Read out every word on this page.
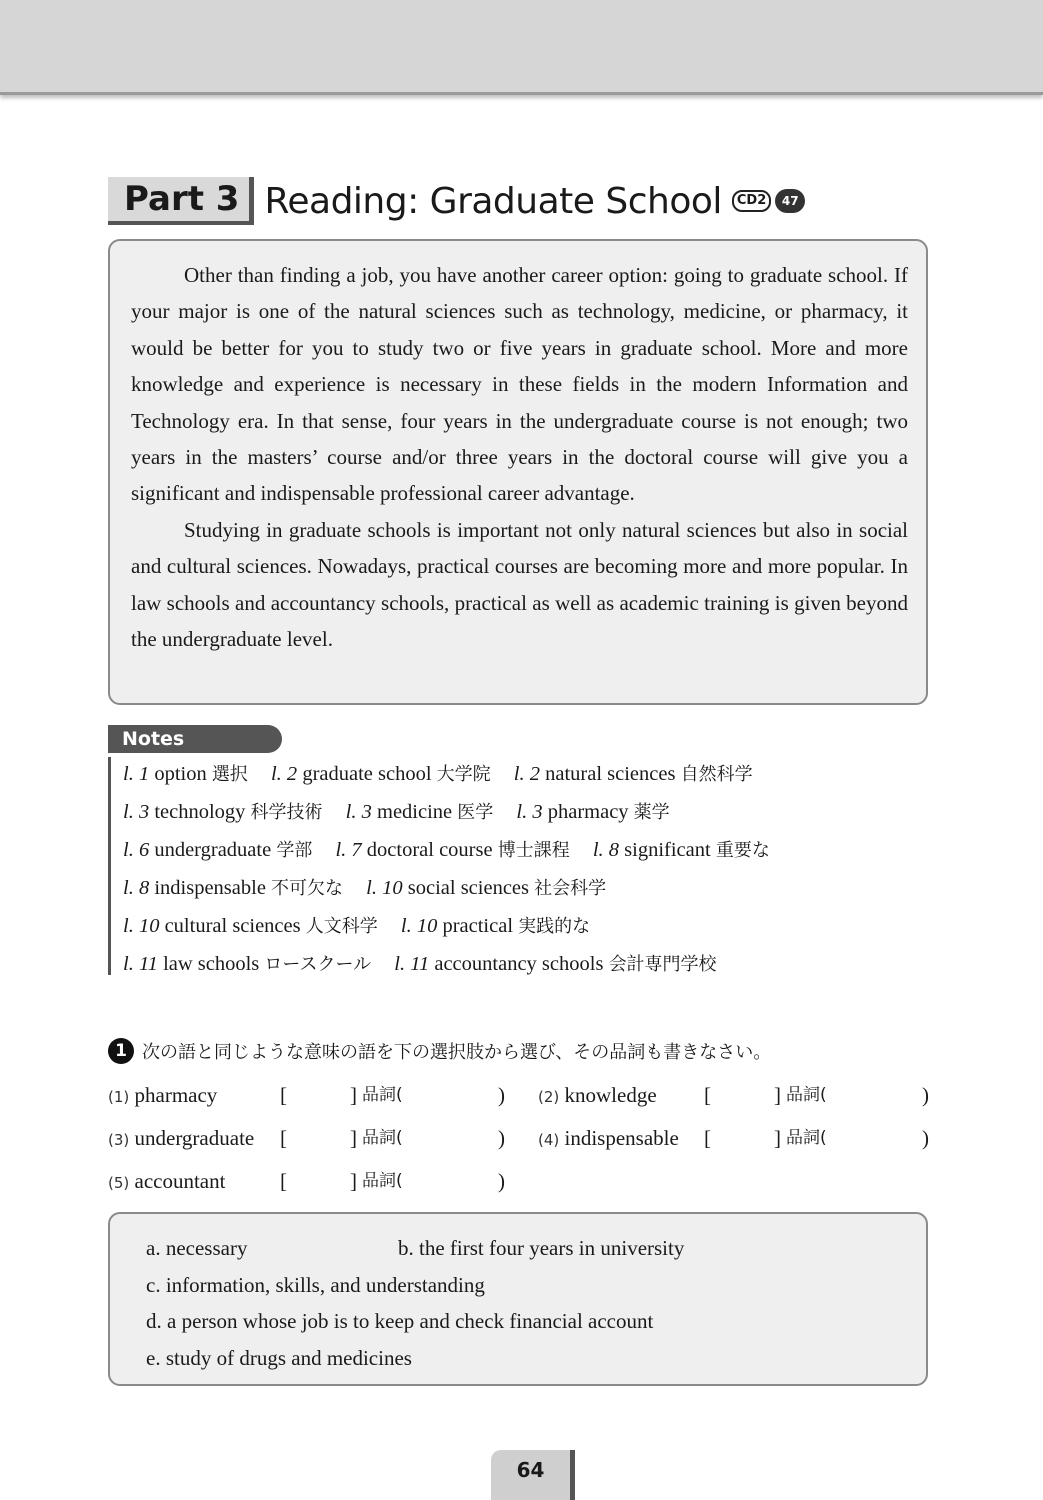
Part 3 Reading: Graduate School	CD2	47

Other than finding a job, you have another career option: going to graduate school. If your major is one of the natural sciences such as technology, medicine, or pharmacy, it would be better for you to study two or five years in graduate school. More and more knowledge and experience is necessary in these fields in the modern Information and Technology era. In that sense, four years in the undergraduate course is not enough; two years in the masters’ course and/or three years in the doctoral course will give you a significant and indispensable professional career advantage.

Studying in graduate schools is important not only natural sciences but also in social and cultural sciences. Nowadays, practical courses are becoming more and more popular. In law schools and accountancy schools, practical as well as academic training is given beyond the undergraduate level.

Notes
l. 1 option 選択 l. 2 graduate school 大学院 l. 2 natural sciences 自然科学
l. 3 technology 科学技術 l. 3 medicine 医学 l. 3 pharmacy 薬学
l. 6 undergraduate 学部 l. 7 doctoral course 博士課程 l. 8 significant 重要な
l. 8 indispensable 不可欠な l. 10 social sciences 社会科学
l. 10 cultural sciences 人文科学 l. 10 practical 実践的な
l. 11 law schools ロースクール l. 11 accountancy schools 会計専門学校
1 次の語と同じような意味の語を下の選択肢から選び、その品詞も書きなさい。
(1) pharmacy	[	] 品詞(	) (2) knowledge [	] 品詞(	)
(3) undergraduate [	] 品詞(	) (4) indispensable [	] 品詞(	)
(5) accountant	[	] 品詞(	)
a. necessary	b. the first four years in university
c. information, skills, and understanding
d. a person whose job is to keep and check financial account
e. study of drugs and medicines
64
